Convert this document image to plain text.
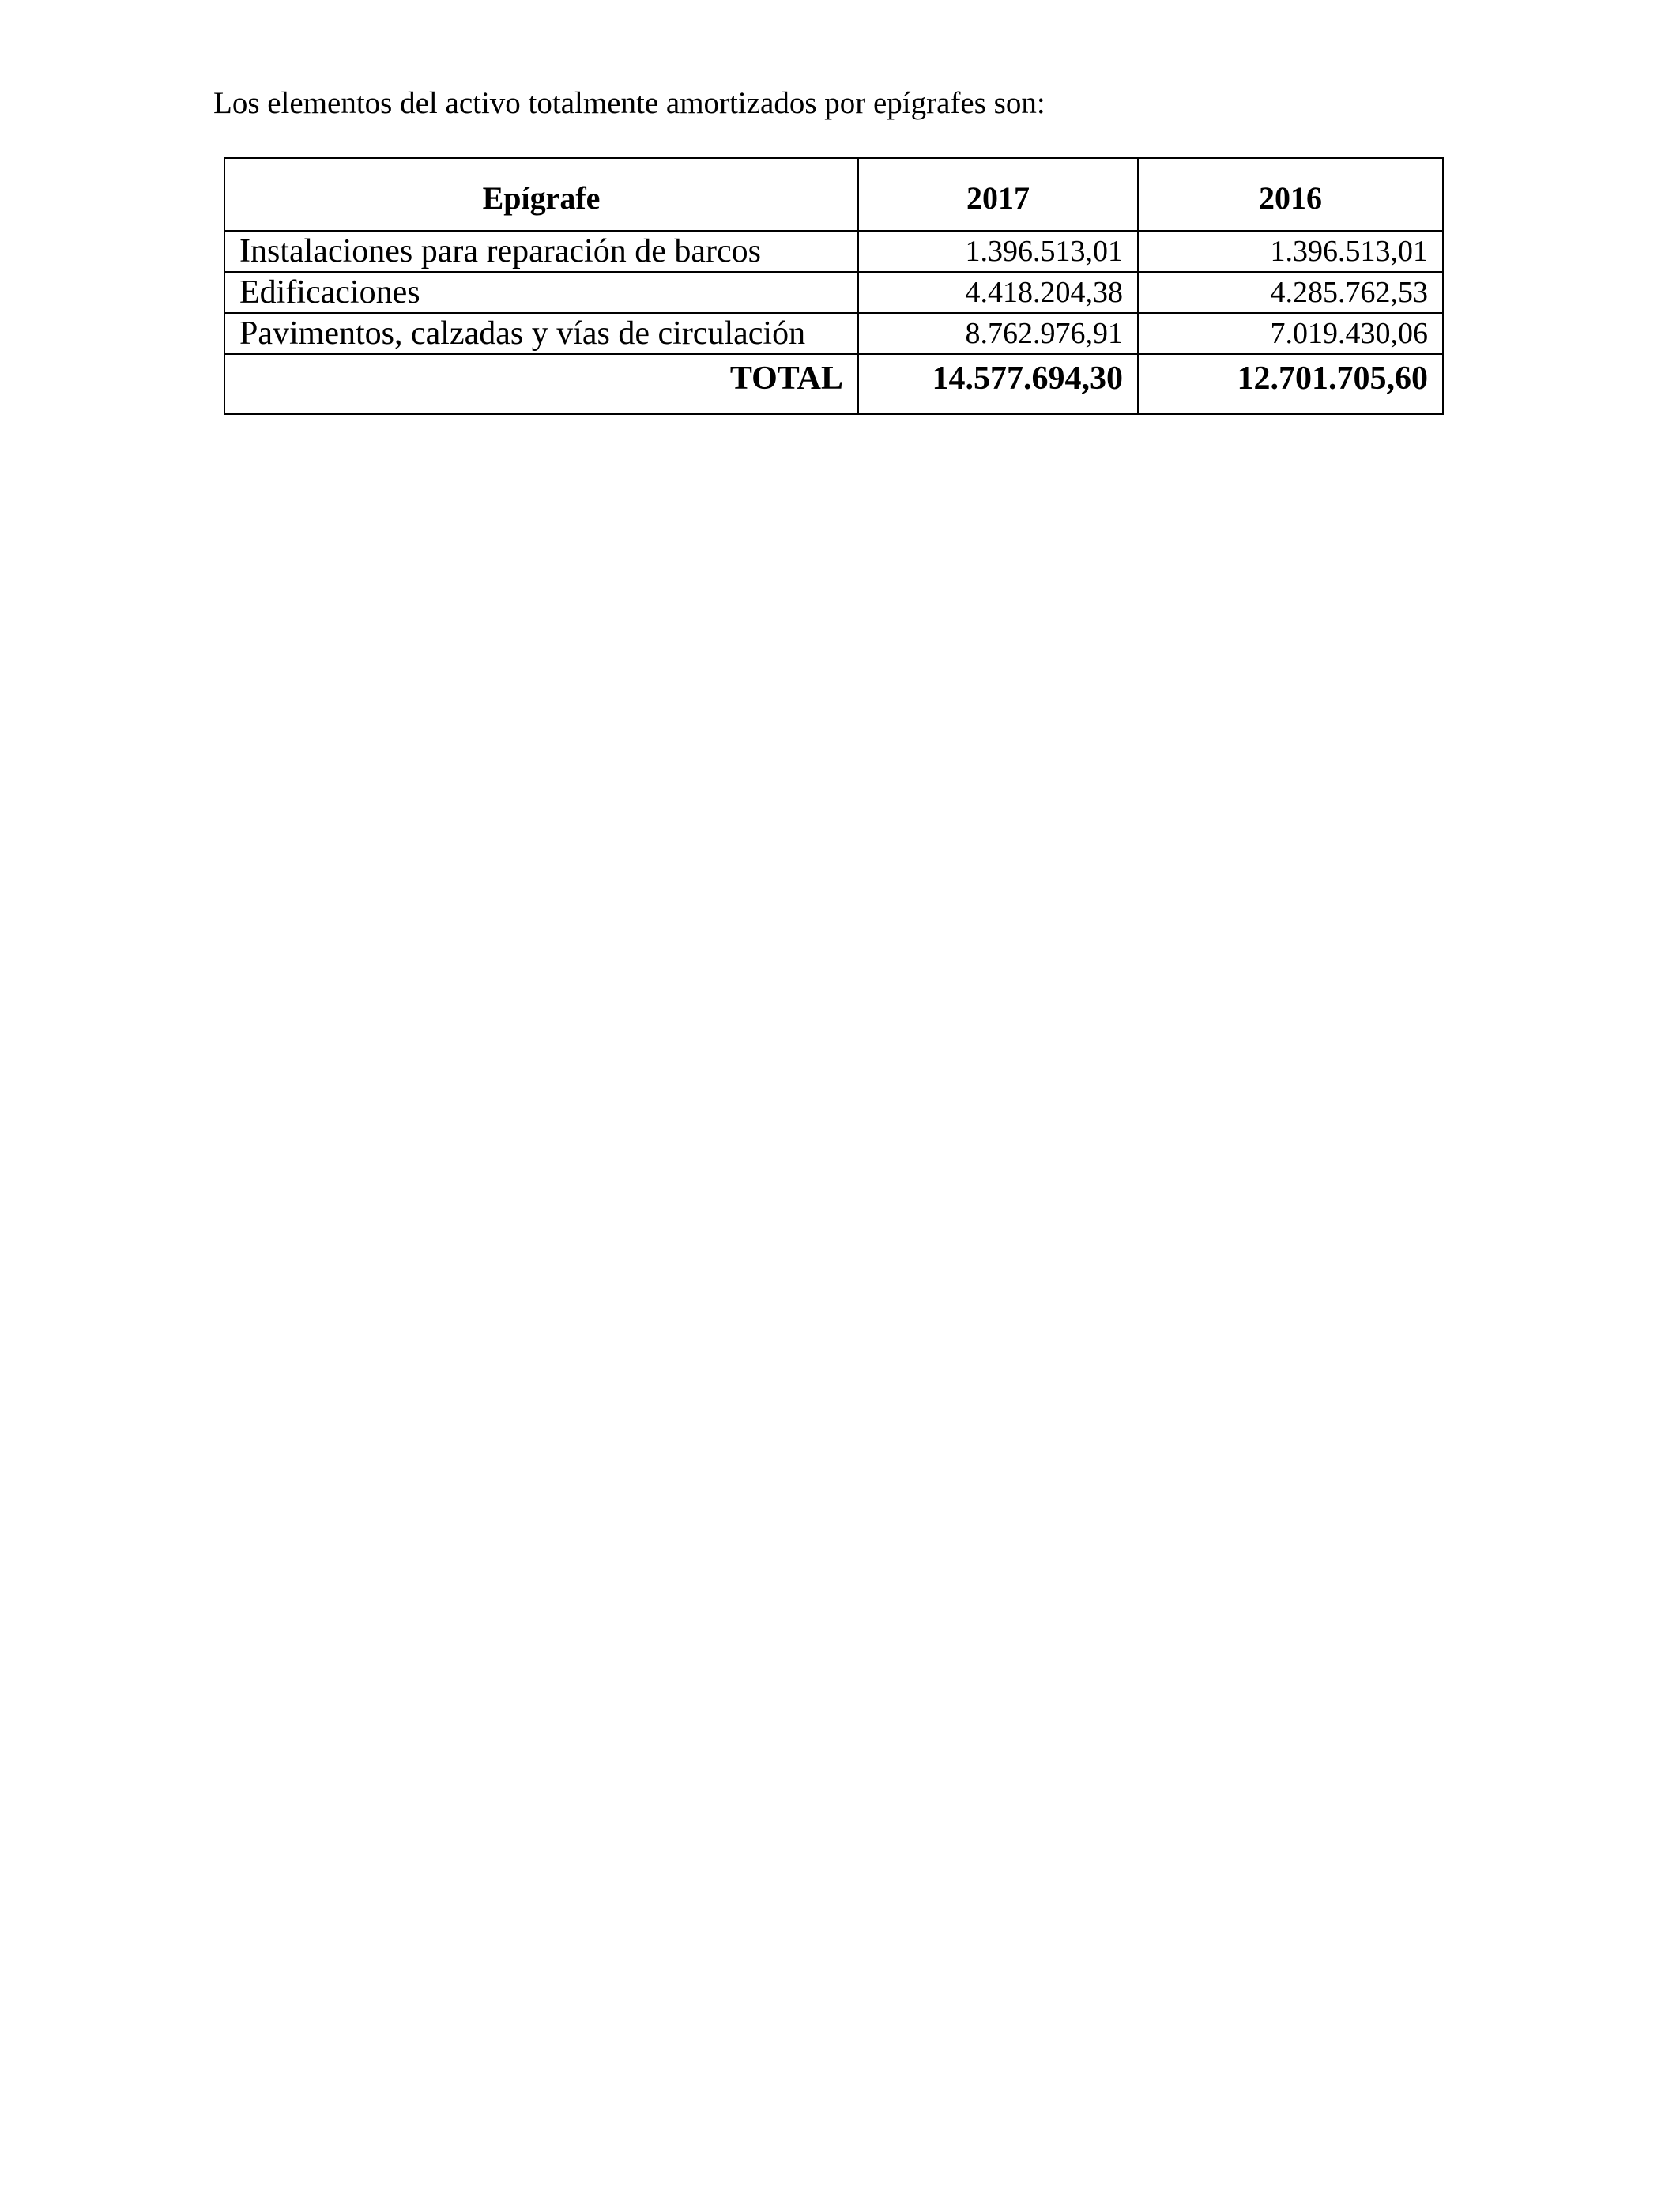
Los elementos del activo totalmente amortizados por epígrafes son:

Epígrafe	2017	2016
Instalaciones para reparación de barcos	1.396.513,01	1.396.513,01
Edificaciones	4.418.204,38	4.285.762,53
Pavimentos, calzadas y vías de circulación	8.762.976,91	7.019.430,06
TOTAL	14.577.694,30	12.701.705,60
